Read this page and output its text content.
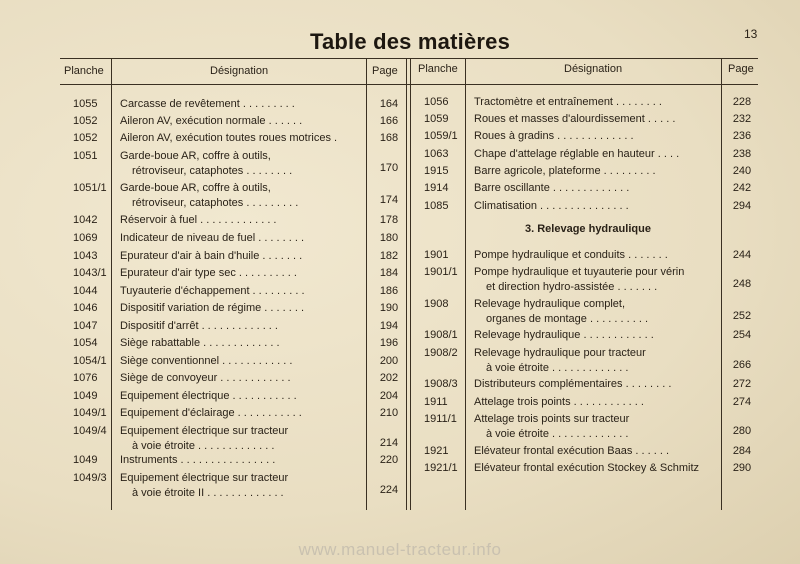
Table des matières	13
Planche	Désignation	Page Planche	Désignation	Page
1055 Carcasse de revêtement . . . . . . . . .	164
1052 Aileron AV, exécution normale . . . . . .	166
1052 Aileron AV, exécution toutes roues motrices .	168
1051 Garde-boue AR, coffre à outils,
rétroviseur, cataphotes . . . . . . . .	170
1051/1 Garde-boue AR, coffre à outils,
rétroviseur, cataphotes . . . . . . . . .	174
1042 Réservoir à fuel . . . . . . . . . . . . .	178
1069 Indicateur de niveau de fuel . . . . . . . .	180
1043 Epurateur d'air à bain d'huile . . . . . . .	182
1043/1 Epurateur d'air type sec . . . . . . . . . .	184
1044 Tuyauterie d'échappement . . . . . . . . .	186
1046 Dispositif variation de régime . . . . . . .	190
1047 Dispositif d'arrêt . . . . . . . . . . . . .	194
1054 Siège rabattable . . . . . . . . . . . . .	196
1054/1 Siège conventionnel . . . . . . . . . . . .	200
1076 Siège de convoyeur . . . . . . . . . . . .	202
1049 Equipement électrique . . . . . . . . . . .	204
1049/1 Equipement d'éclairage . . . . . . . . . . .	210
1049/4 Equipement électrique sur tracteur
à voie étroite . . . . . . . . . . . . .	214
1049 Instruments . . . . . . . . . . . . . . . .	220
1049/3 Equipement électrique sur tracteur
à voie étroite II . . . . . . . . . . . . .	224
1056 Tractomètre et entraînement . . . . . . . .	228
1059 Roues et masses d'alourdissement . . . . .	232
1059/1 Roues à gradins . . . . . . . . . . . . .	236
1063 Chape d'attelage réglable en hauteur . . . .	238
1915 Barre agricole, plateforme . . . . . . . . .	240
1914 Barre oscillante . . . . . . . . . . . . .	242
1085 Climatisation . . . . . . . . . . . . . . .	294
1901 Pompe hydraulique et conduits . . . . . . .	244
1901/1 Pompe hydraulique et tuyauterie pour vérin
et direction hydro-assistée . . . . . . .	248
1908 Relevage hydraulique complet,
organes de montage . . . . . . . . . .	252
1908/1 Relevage hydraulique . . . . . . . . . . . .	254
1908/2 Relevage hydraulique pour tracteur
à voie étroite . . . . . . . . . . . . .	266
1908/3 Distributeurs complémentaires . . . . . . . .	272
1911 Attelage trois points . . . . . . . . . . . .	274
1911/1 Attelage trois points sur tracteur
à voie étroite . . . . . . . . . . . . .	280
1921 Elévateur frontal exécution Baas . . . . . .	284
1921/1 Elévateur frontal exécution Stockey & Schmitz	290
3. Relevage hydraulique
www.manuel-tracteur.info
